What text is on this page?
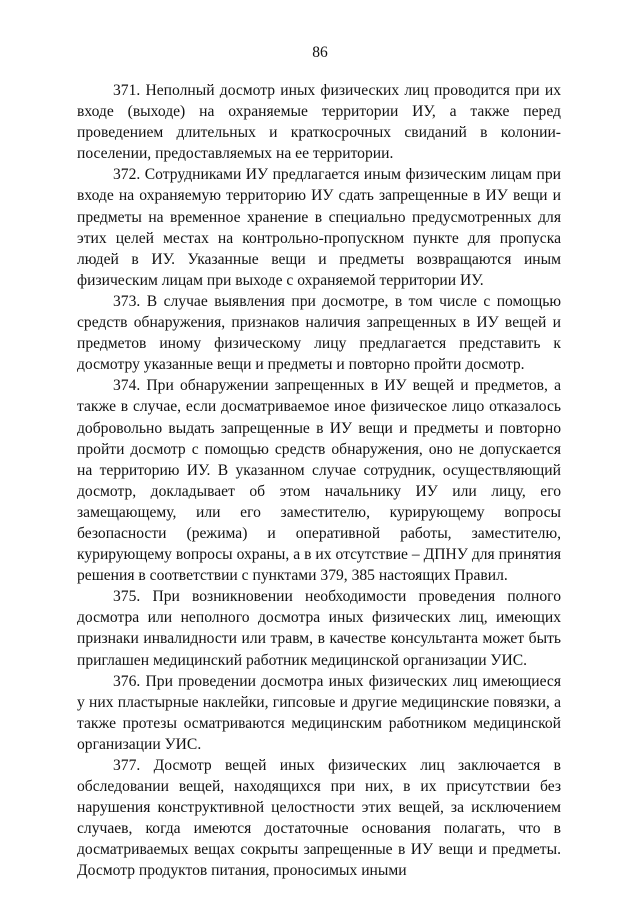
86

371. Неполный досмотр иных физических лиц проводится при их входе (выходе) на охраняемые территории ИУ, а также перед проведением длительных и краткосрочных свиданий в колонии-поселении, предоставляемых на ее территории.

372. Сотрудниками ИУ предлагается иным физическим лицам при входе на охраняемую территорию ИУ сдать запрещенные в ИУ вещи и предметы на временное хранение в специально предусмотренных для этих целей местах на контрольно-пропускном пункте для пропуска людей в ИУ. Указанные вещи и предметы возвращаются иным физическим лицам при выходе с охраняемой территории ИУ.

373. В случае выявления при досмотре, в том числе с помощью средств обнаружения, признаков наличия запрещенных в ИУ вещей и предметов иному физическому лицу предлагается представить к досмотру указанные вещи и предметы и повторно пройти досмотр.

374. При обнаружении запрещенных в ИУ вещей и предметов, а также в случае, если досматриваемое иное физическое лицо отказалось добровольно выдать запрещенные в ИУ вещи и предметы и повторно пройти досмотр с помощью средств обнаружения, оно не допускается на территорию ИУ. В указанном случае сотрудник, осуществляющий досмотр, докладывает об этом начальнику ИУ или лицу, его замещающему, или его заместителю, курирующему вопросы безопасности (режима) и оперативной работы, заместителю, курирующему вопросы охраны, а в их отсутствие – ДПНУ для принятия решения в соответствии с пунктами 379, 385 настоящих Правил.

375. При возникновении необходимости проведения полного досмотра или неполного досмотра иных физических лиц, имеющих признаки инвалидности или травм, в качестве консультанта может быть приглашен медицинский работник медицинской организации УИС.

376. При проведении досмотра иных физических лиц имеющиеся у них пластырные наклейки, гипсовые и другие медицинские повязки, а также протезы осматриваются медицинским работником медицинской организации УИС.

377. Досмотр вещей иных физических лиц заключается в обследовании вещей, находящихся при них, в их присутствии без нарушения конструктивной целостности этих вещей, за исключением случаев, когда имеются достаточные основания полагать, что в досматриваемых вещах сокрыты запрещенные в ИУ вещи и предметы. Досмотр продуктов питания, проносимых иными
